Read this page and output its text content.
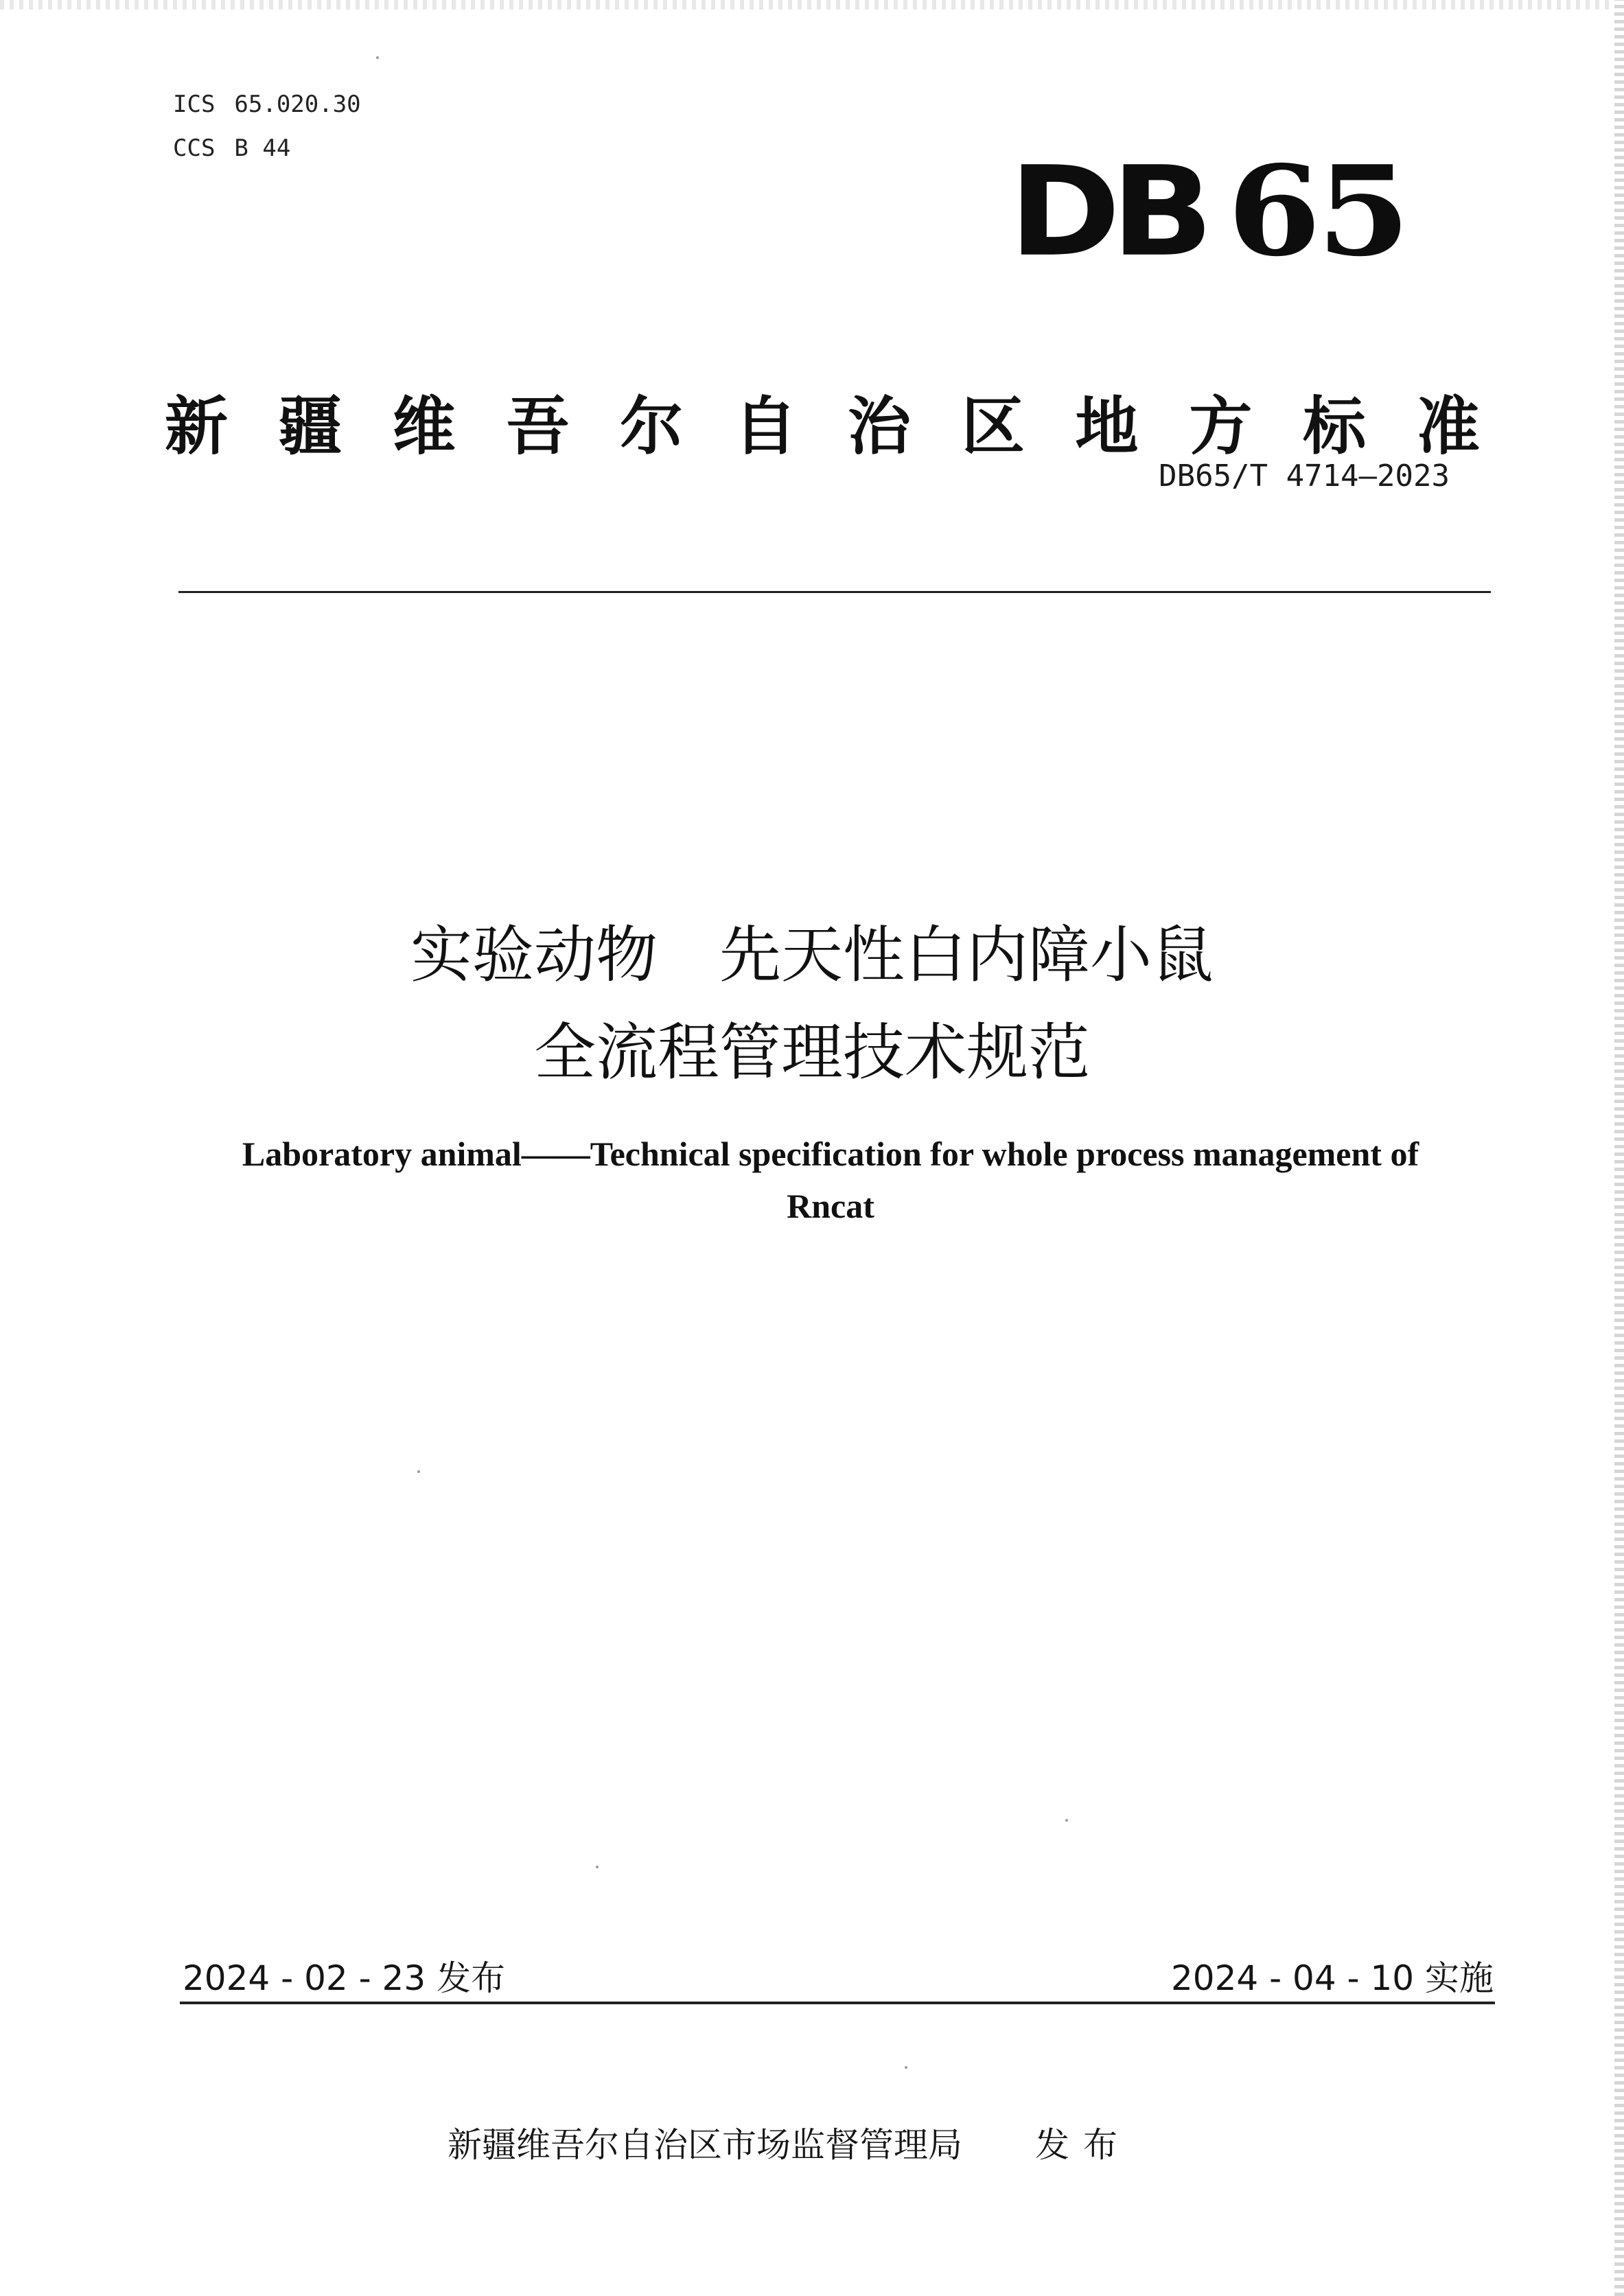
ICS 65.020.30
CCS B 44	DB 65
新 疆 维 吾 尔 自 治 区 地 方 标 准
DB65/T 4714—2023
实验动物　先天性白内障小鼠
全流程管理技术规范
Laboratory animal——Technical specification for whole process management of
Rncat
2024 - 02 - 23 发布	2024 - 04 - 10 实施
新疆维吾尔自治区市场监督管理局 发布
